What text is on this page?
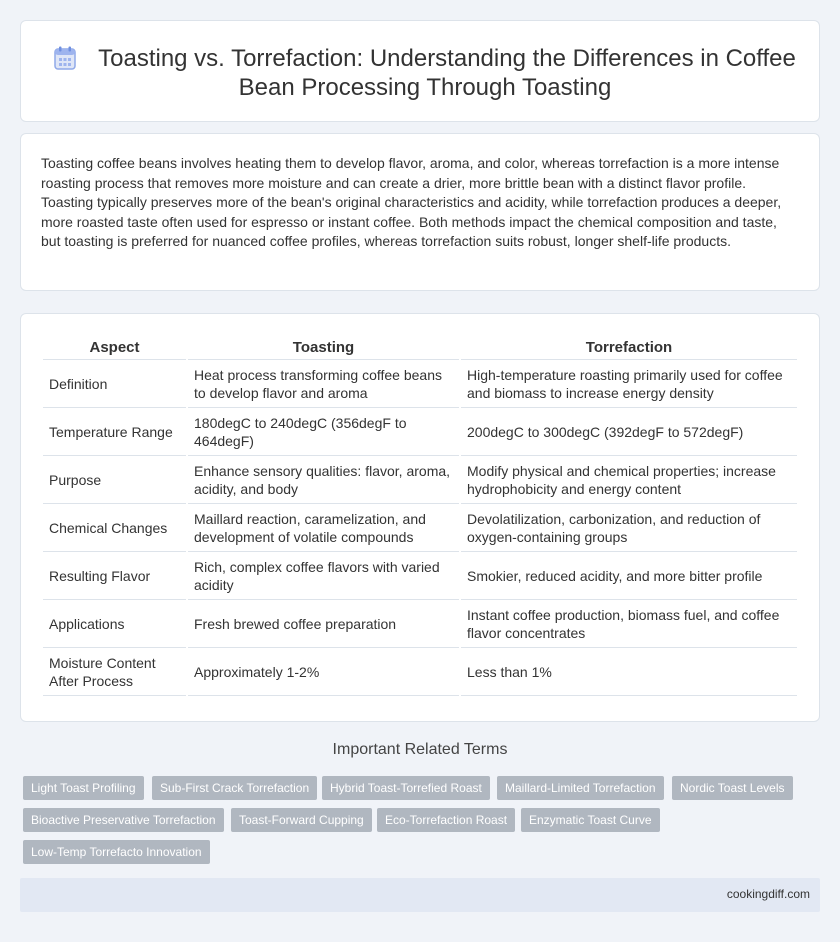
Toasting vs. Torrefaction: Understanding the Differences in Coffee Bean Processing Through Toasting
Toasting coffee beans involves heating them to develop flavor, aroma, and color, whereas torrefaction is a more intense roasting process that removes more moisture and can create a drier, more brittle bean with a distinct flavor profile. Toasting typically preserves more of the bean's original characteristics and acidity, while torrefaction produces a deeper, more roasted taste often used for espresso or instant coffee. Both methods impact the chemical composition and taste, but toasting is preferred for nuanced coffee profiles, whereas torrefaction suits robust, longer shelf-life products.
Aspect	Toasting	Torrefaction
Definition	Heat process transforming coffee beans to develop flavor and aroma	High-temperature roasting primarily used for coffee and biomass to increase energy density
Temperature Range	180degC to 240degC (356degF to 464degF)	200degC to 300degC (392degF to 572degF)
Purpose	Enhance sensory qualities: flavor, aroma, acidity, and body	Modify physical and chemical properties; increase hydrophobicity and energy content
Chemical Changes	Maillard reaction, caramelization, and development of volatile compounds	Devolatilization, carbonization, and reduction of oxygen-containing groups
Resulting Flavor	Rich, complex coffee flavors with varied acidity	Smokier, reduced acidity, and more bitter profile
Applications	Fresh brewed coffee preparation	Instant coffee production, biomass fuel, and coffee flavor concentrates
Moisture Content After Process	Approximately 1-2%	Less than 1%
Important Related Terms
Light Toast Profiling	Sub-First Crack Torrefaction	Hybrid Toast-Torrefied Roast	Maillard-Limited Torrefaction	Nordic Toast Levels
Bioactive Preservative Torrefaction	Toast-Forward Cupping	Eco-Torrefaction Roast	Enzymatic Toast Curve
Low-Temp Torrefacto Innovation
cookingdiff.com
